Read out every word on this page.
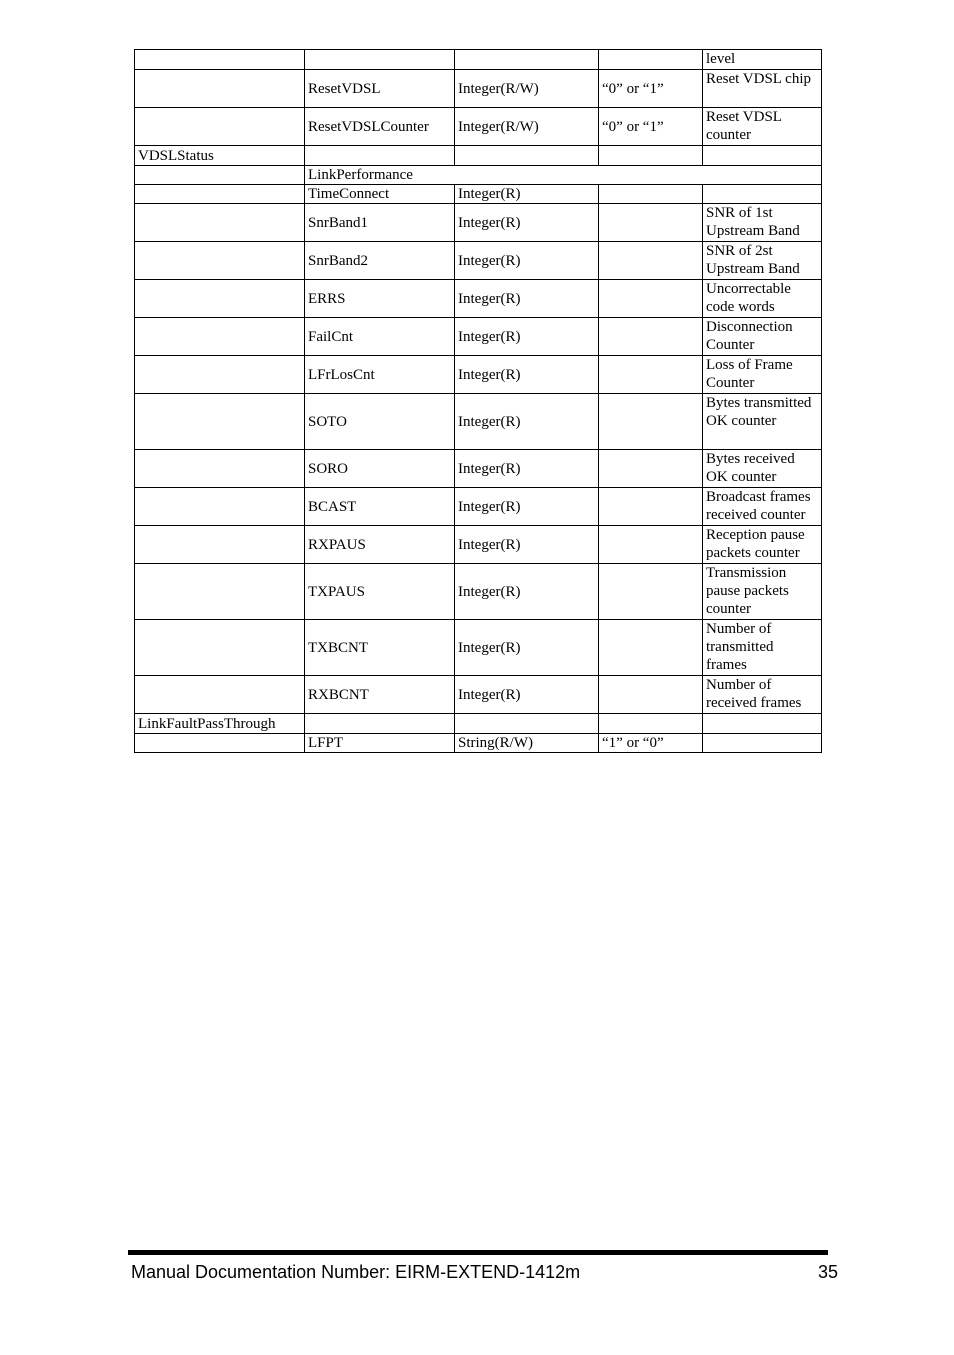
				level
	ResetVDSL	Integer(R/W)	“0” or “1”	Reset VDSL chip
	ResetVDSLCounter	Integer(R/W)	“0” or “1”	Reset VDSL counter
VDSLStatus				
	LinkPerformance			
	TimeConnect	Integer(R)		
	SnrBand1	Integer(R)		SNR of 1st Upstream Band
	SnrBand2	Integer(R)		SNR of 2st Upstream Band
	ERRS	Integer(R)		Uncorrectable code words
	FailCnt	Integer(R)		Disconnection Counter
	LFrLosCnt	Integer(R)		Loss of Frame Counter
	SOTO	Integer(R)		Bytes transmitted OK counter
	SORO	Integer(R)		Bytes received OK counter
	BCAST	Integer(R)		Broadcast frames received counter
	RXPAUS	Integer(R)		Reception pause packets counter
	TXPAUS	Integer(R)		Transmission pause packets counter
	TXBCNT	Integer(R)		Number of transmitted frames
	RXBCNT	Integer(R)		Number of received frames
LinkFaultPassThrough				
	LFPT	String(R/W)	“1” or “0”	
Manual Documentation Number: EIRM-EXTEND-1412m	35
